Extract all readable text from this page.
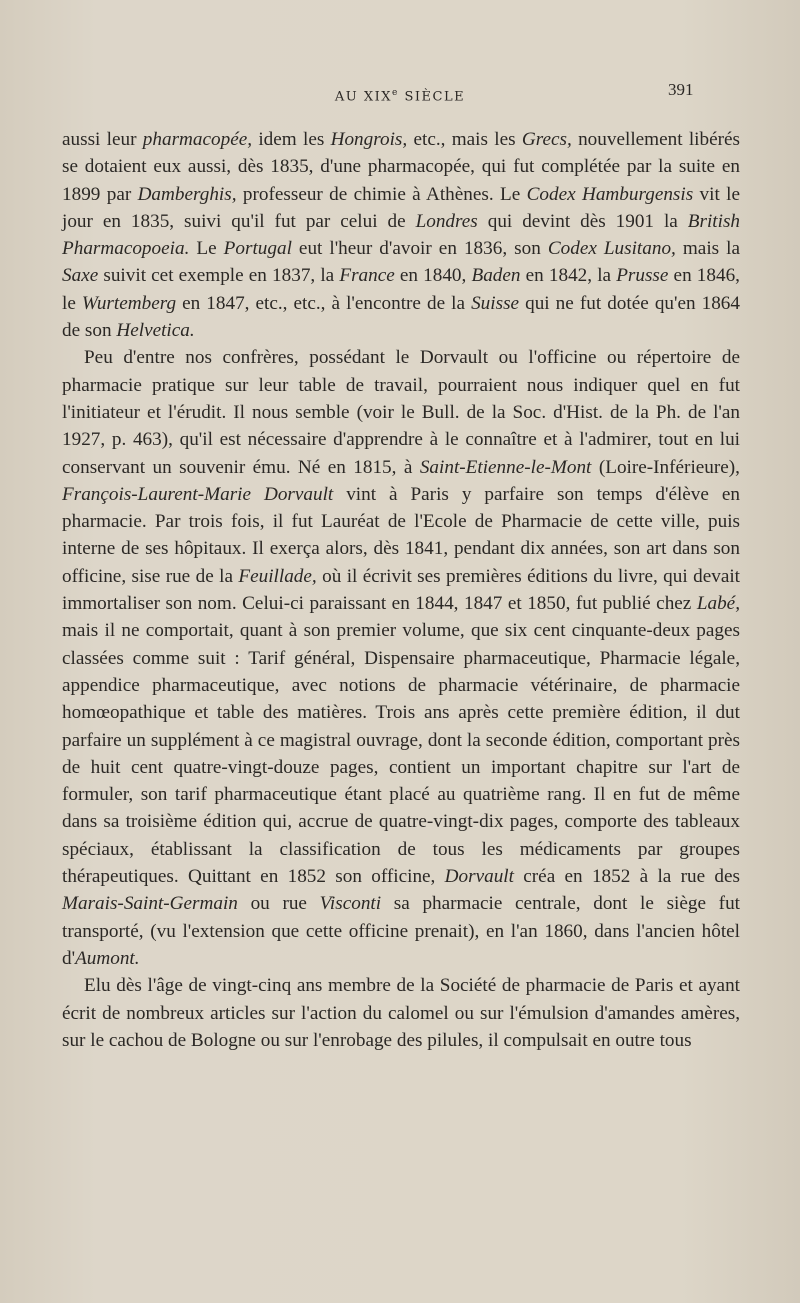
AU XIXe SIÈCLE	391

aussi leur pharmacopée, idem les Hongrois, etc., mais les Grecs, nouvellement libérés se dotaient eux aussi, dès 1835, d'une pharmacopée, qui fut complétée par la suite en 1899 par Damberghis, professeur de chimie à Athènes. Le Codex Hamburgensis vit le jour en 1835, suivi qu'il fut par celui de Londres qui devint dès 1901 la British Pharmacopoeia. Le Portugal eut l'heur d'avoir en 1836, son Codex Lusitano, mais la Saxe suivit cet exemple en 1837, la France en 1840, Baden en 1842, la Prusse en 1846, le Wurtemberg en 1847, etc., etc., à l'encontre de la Suisse qui ne fut dotée qu'en 1864 de son Helvetica.

Peu d'entre nos confrères, possédant le Dorvault ou l'officine ou répertoire de pharmacie pratique sur leur table de travail, pourraient nous indiquer quel en fut l'initiateur et l'érudit. Il nous semble (voir le Bull. de la Soc. d'Hist. de la Ph. de l'an 1927, p. 463), qu'il est nécessaire d'apprendre à le connaître et à l'admirer, tout en lui conservant un souvenir ému. Né en 1815, à Saint-Etienne-le-Mont (Loire-Inférieure), François-Laurent-Marie Dorvault vint à Paris y parfaire son temps d'élève en pharmacie. Par trois fois, il fut Lauréat de l'Ecole de Pharmacie de cette ville, puis interne de ses hôpitaux. Il exerça alors, dès 1841, pendant dix années, son art dans son officine, sise rue de la Feuillade, où il écrivit ses premières éditions du livre, qui devait immortaliser son nom. Celui-ci paraissant en 1844, 1847 et 1850, fut publié chez Labé, mais il ne comportait, quant à son premier volume, que six cent cinquante-deux pages classées comme suit : Tarif général, Dispensaire pharmaceutique, Pharmacie légale, appendice pharmaceutique, avec notions de pharmacie vétérinaire, de pharmacie homœopathique et table des matières. Trois ans après cette première édition, il dut parfaire un supplément à ce magistral ouvrage, dont la seconde édition, comportant près de huit cent quatre-vingt-douze pages, contient un important chapitre sur l'art de formuler, son tarif pharmaceutique étant placé au quatrième rang. Il en fut de même dans sa troisième édition qui, accrue de quatre-vingt-dix pages, comporte des tableaux spéciaux, établissant la classification de tous les médicaments par groupes thérapeutiques. Quittant en 1852 son officine, Dorvault créa en 1852 à la rue des Marais-Saint-Germain ou rue Visconti sa pharmacie centrale, dont le siège fut transporté, (vu l'extension que cette officine prenait), en l'an 1860, dans l'ancien hôtel d'Aumont.

Elu dès l'âge de vingt-cinq ans membre de la Société de pharmacie de Paris et ayant écrit de nombreux articles sur l'action du calomel ou sur l'émulsion d'amandes amères, sur le cachou de Bologne ou sur l'enrobage des pilules, il compulsait en outre tous
